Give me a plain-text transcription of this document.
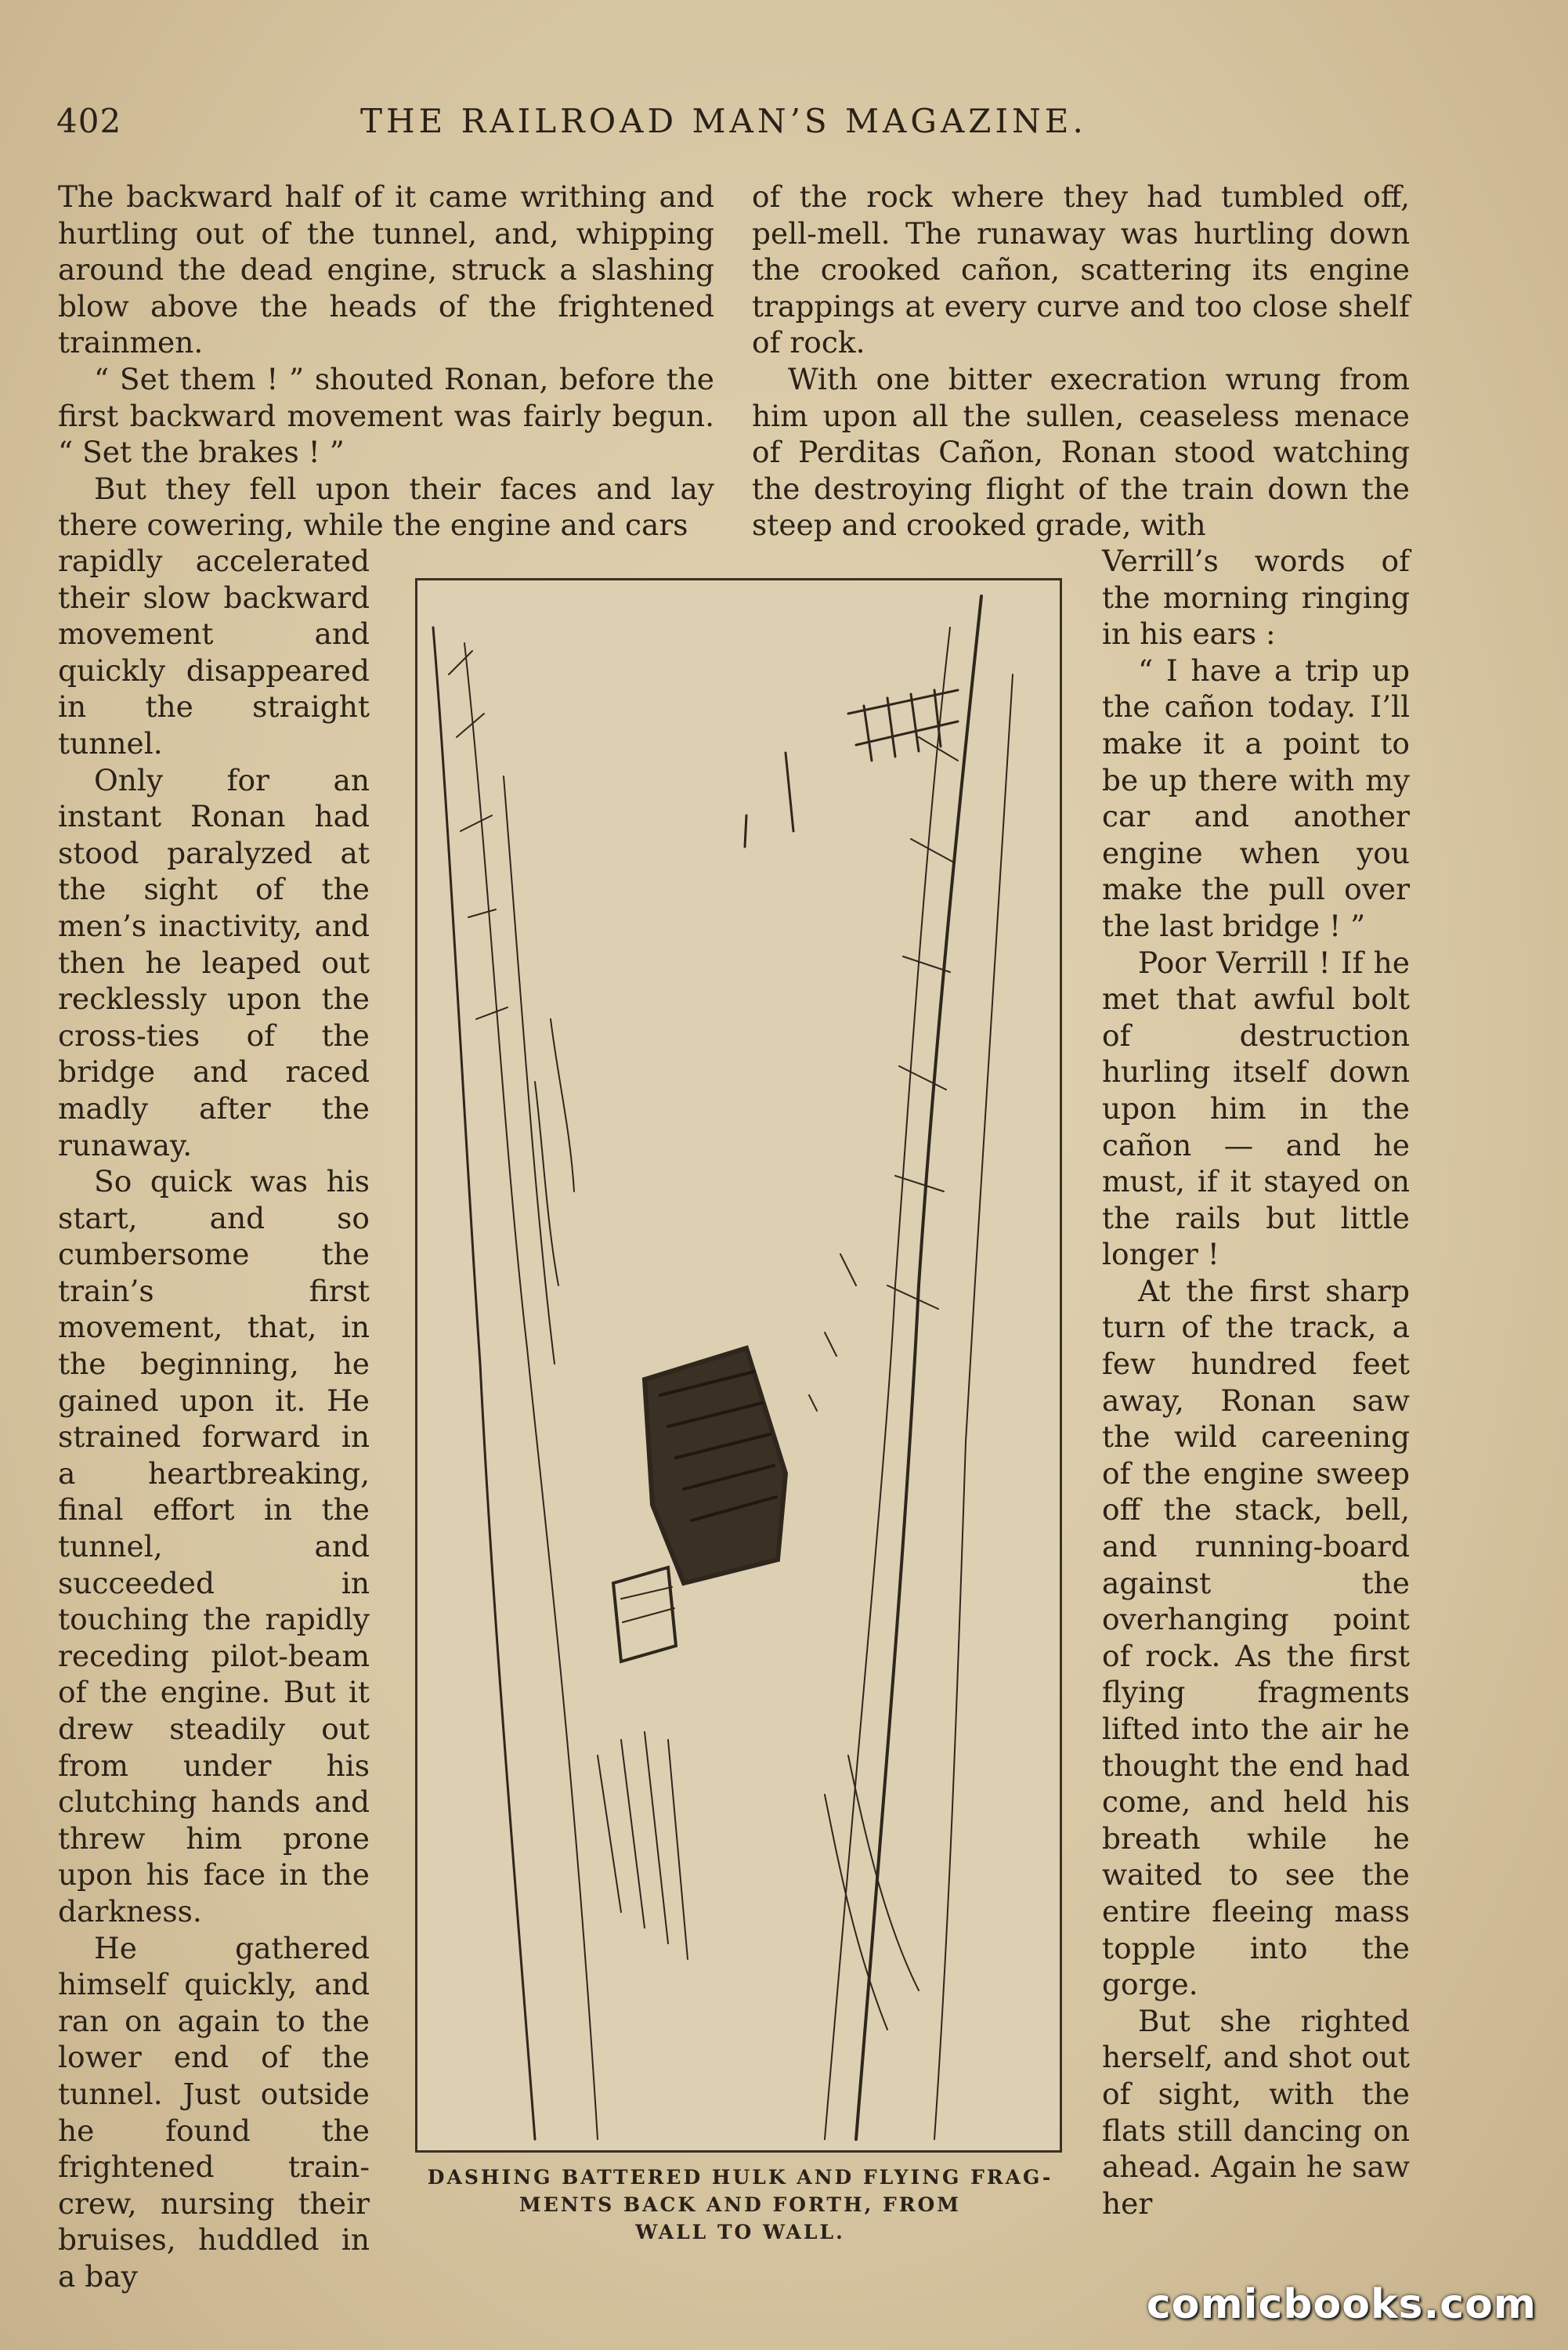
402	THE RAILROAD MAN’S MAGAZINE.

The backward half of it came writhing and hurtling out of the tunnel, and, whipping around the dead engine, struck a slashing blow above the heads of the frightened trainmen.

“ Set them ! ” shouted Ronan, before the first backward movement was fairly begun. “ Set the brakes ! ”

But they fell upon their faces and lay there cowering, while the engine and cars

of the rock where they had tumbled off, pell-mell. The runaway was hurtling down the crooked cañon, scattering its engine trappings at every curve and too close shelf of rock.

With one bitter execration wrung from him upon all the sullen, ceaseless menace of Perditas Cañon, Ronan stood watching the destroying flight of the train down the steep and crooked grade, with

rapidly accelerated their slow backward movement and quickly disappeared in the straight tunnel.

Only for an instant Ronan had stood paralyzed at the sight of the men’s inactivity, and then he leaped out recklessly upon the cross-ties of the bridge and raced madly after the runaway.

So quick was his start, and so cumbersome the train’s first movement, that, in the beginning, he gained upon it. He strained forward in a heartbreaking, final effort in the tunnel, and succeeded in touching the rapidly receding pilot-beam of the engine. But it drew steadily out from under his clutching hands and threw him prone upon his face in the darkness.

He gathered himself quickly, and ran on again to the lower end of the tunnel. Just outside he found the frightened train-crew, nursing their bruises, huddled in a bay

Verrill’s words of the morning ringing in his ears :

“ I have a trip up the cañon today. I’ll make it a point to be up there with my car and another engine when you make the pull over the last bridge ! ”

Poor Verrill ! If he met that awful bolt of destruction hurling itself down upon him in the cañon — and he must, if it stayed on the rails but little longer !

At the first sharp turn of the track, a few hundred feet away, Ronan saw the wild careening of the engine sweep off the stack, bell, and running-board against the overhanging point of rock. As the first flying fragments lifted into the air he thought the end had come, and held his breath while he waited to see the entire fleeing mass topple into the gorge.

But she righted herself, and shot out of sight, with the flats still dancing on ahead. Again he saw her

DASHING BATTERED HULK AND FLYING FRAG-
MENTS BACK AND FORTH, FROM
WALL TO WALL.
comicbooks.com
